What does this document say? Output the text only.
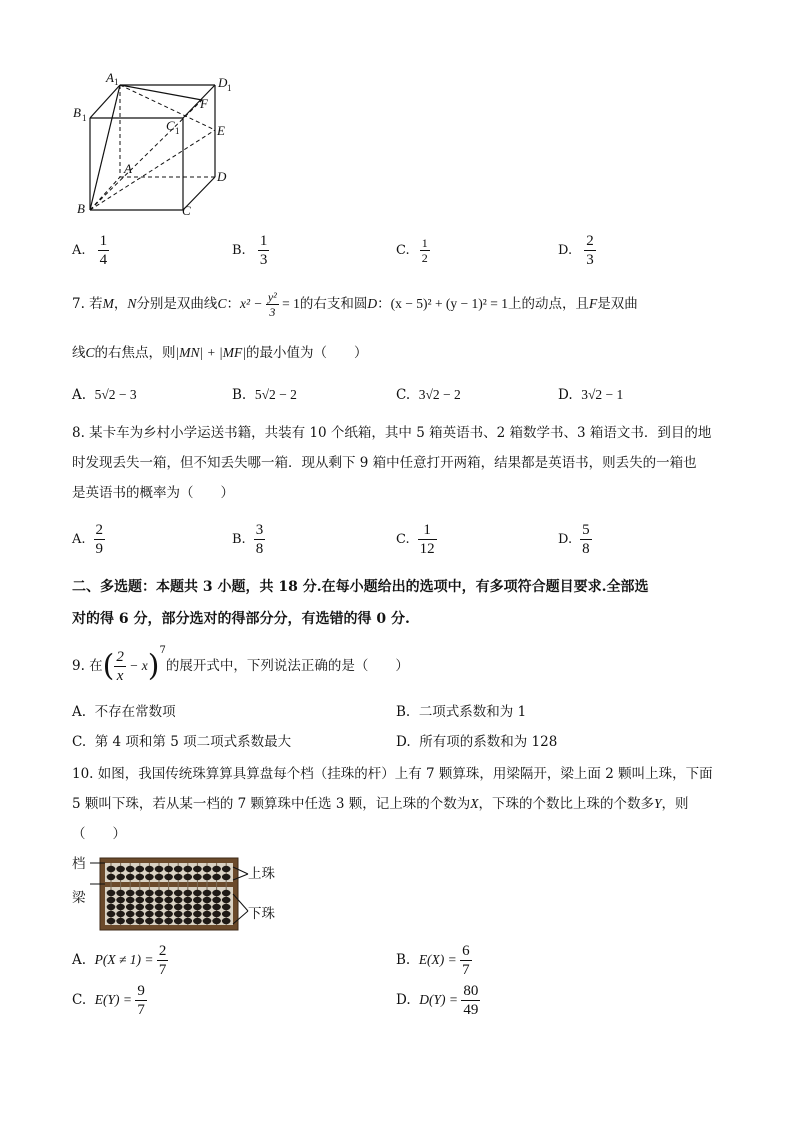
A 1	D 1
B 1	C 1
F
E
A
D
B	C
A. $\frac{1}{4}$	B. $\frac{1}{3}$	C. $\frac{1}{2}$	D. $\frac{2}{3}$
7. 若M，N分别是双曲线C：$x^2 - \frac{\text{y²}}{3} = 1$的右支和圆D：(x − 5)² + (y − 1)² = 1上的动点，且F是双曲
线C的右焦点，则|MN| + |MF|的最小值为（　　）
A. 5√2 − 3	B. 5√2 − 2	C. 3√2 − 2	D. 3√2 − 1
8. 某卡车为乡村小学运送书籍，共装有 10 个纸箱，其中 5 箱英语书、2 箱数学书、3 箱语文书．到目的地
时发现丢失一箱，但不知丢失哪一箱．现从剩下 9 箱中任意打开两箱，结果都是英语书，则丢失的一箱也
是英语书的概率为（　　）
A. $\frac{2}{9}$	B. $\frac{3}{8}$	C. $\frac{1}{12}$	D. $\frac{5}{8}$
二、多选题：本题共 3 小题，共 18 分.在每小题给出的选项中，有多项符合题目要求.全部选
对的得 6 分，部分选对的得部分分，有选错的得 0 分.
9. 在( $\frac{2}{x} - x)^7$的展开式中，下列说法正确的是（　　）
A. 不存在常数项	B. 二项式系数和为 1
C. 第 4 项和第 5 项二项式系数最大	D. 所有项的系数和为 128
10. 如图，我国传统珠算算具算盘每个档（挂珠的杆）上有 7 颗算珠，用梁隔开，梁上面 2 颗叫上珠，下面
5 颗叫下珠，若从某一档的 7 颗算珠中任选 3 颗，记上珠的个数为X，下珠的个数比上珠的个数多Y，则
（　　）
档
梁
上珠
下珠
A. $P(X \ne 1) = \frac{2}{7}$	B. $E(X) = \frac{6}{7}$
C. $E(Y) = \frac{9}{7}$	D. $D(Y) = \frac{80}{49}$
